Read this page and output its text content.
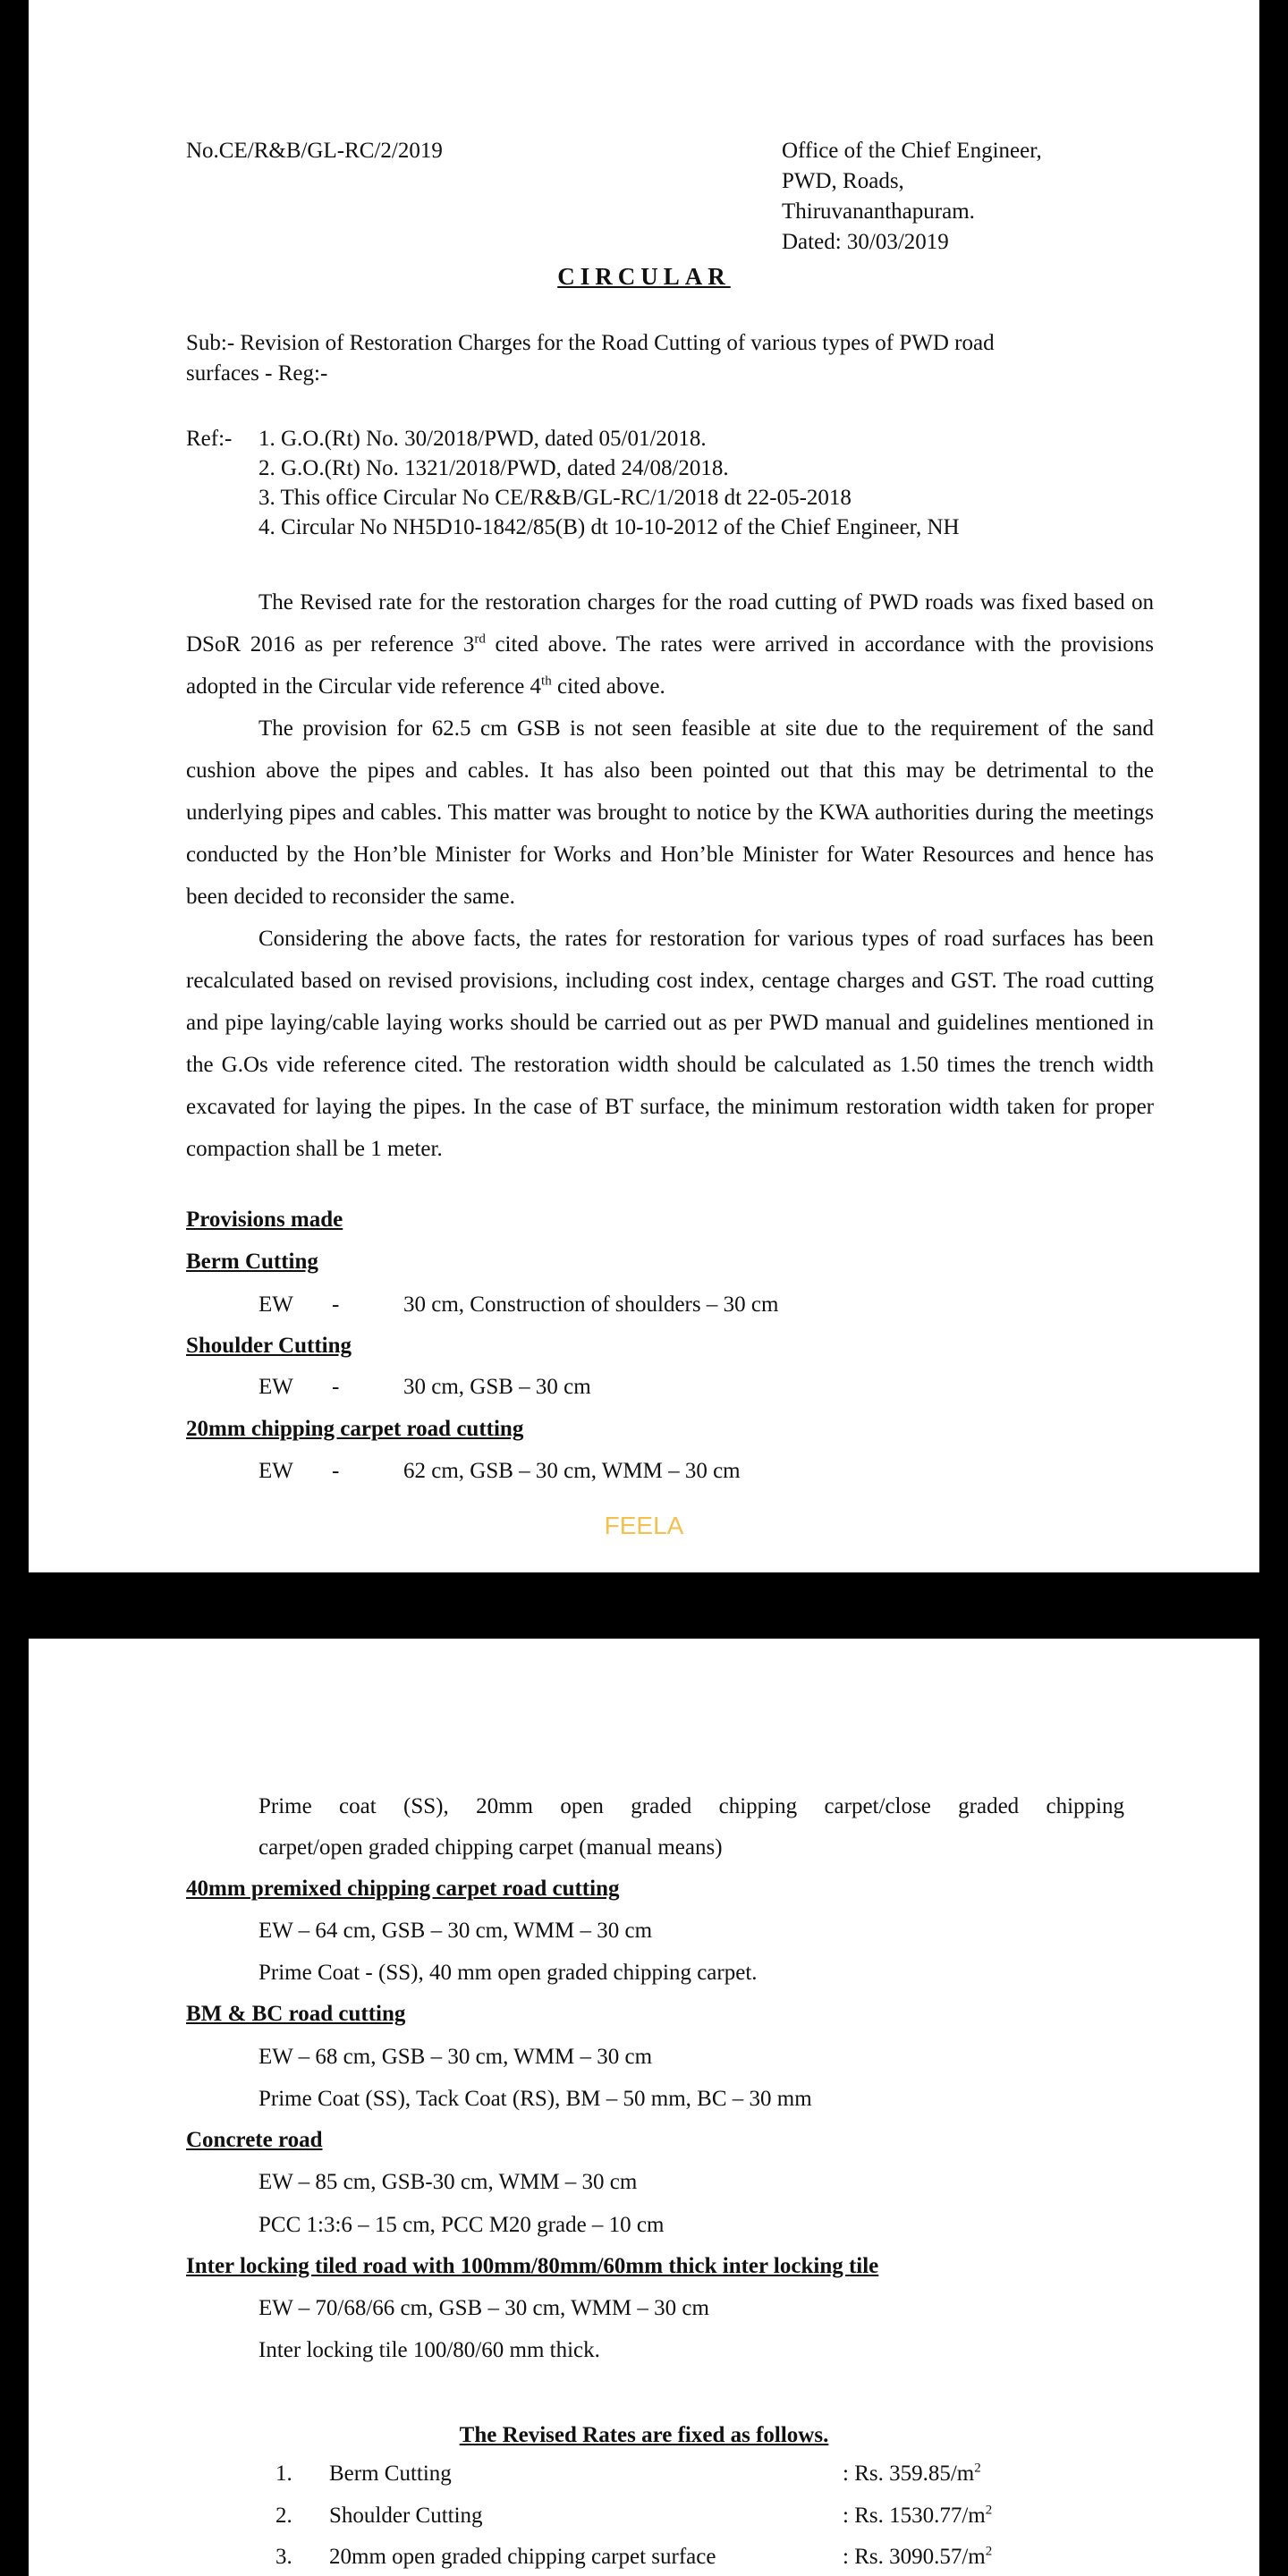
No.CE/R&B/GL-RC/2/2019	Office of the Chief Engineer,
PWD, Roads,
Thiruvananthapuram.
Dated: 30/03/2019
CIRCULAR
Sub:- Revision of Restoration Charges for the Road Cutting of various types of PWD road
surfaces - Reg:-
Ref:- 1. G.O.(Rt) No. 30/2018/PWD, dated 05/01/2018.
2. G.O.(Rt) No. 1321/2018/PWD, dated 24/08/2018.
3. This office Circular No CE/R&B/GL-RC/1/2018 dt 22-05-2018
4. Circular No NH5D10-1842/85(B) dt 10-10-2012 of the Chief Engineer, NH

The Revised rate for the restoration charges for the road cutting of PWD roads was fixed based on DSoR 2016 as per reference 3rd cited above. The rates were arrived in accordance with the provisions adopted in the Circular vide reference 4th cited above.

The provision for 62.5 cm GSB is not seen feasible at site due to the requirement of the sand cushion above the pipes and cables. It has also been pointed out that this may be detrimental to the underlying pipes and cables. This matter was brought to notice by the KWA authorities during the meetings conducted by the Hon’ble Minister for Works and Hon’ble Minister for Water Resources and hence has been decided to reconsider the same.

Considering the above facts, the rates for restoration for various types of road surfaces has been recalculated based on revised provisions, including cost index, centage charges and GST. The road cutting and pipe laying/cable laying works should be carried out as per PWD manual and guidelines mentioned in the G.Os vide reference cited. The restoration width should be calculated as 1.50 times the trench width excavated for laying the pipes. In the case of BT surface, the minimum restoration width taken for proper compaction shall be 1 meter.

Provisions made
Berm Cutting
EW -	30 cm, Construction of shoulders – 30 cm
Shoulder Cutting
EW -	30 cm, GSB – 30 cm
20mm chipping carpet road cutting
EW -	62 cm, GSB – 30 cm, WMM – 30 cm
FEELA
Prime coat (SS), 20mm open graded chipping carpet/close graded chipping
carpet/open graded chipping carpet (manual means)
40mm premixed chipping carpet road cutting
EW – 64 cm, GSB – 30 cm, WMM – 30 cm
Prime Coat - (SS), 40 mm open graded chipping carpet.
BM & BC road cutting
EW – 68 cm, GSB – 30 cm, WMM – 30 cm
Prime Coat (SS), Tack Coat (RS), BM – 50 mm, BC – 30 mm
Concrete road
EW – 85 cm, GSB-30 cm, WMM – 30 cm
PCC 1:3:6 – 15 cm, PCC M20 grade – 10 cm
Inter locking tiled road with 100mm/80mm/60mm thick inter locking tile
EW – 70/68/66 cm, GSB – 30 cm, WMM – 30 cm
Inter locking tile 100/80/60 mm thick.
The Revised Rates are fixed as follows.
1. Berm Cutting	: Rs. $359.85/m^2$
2. Shoulder Cutting	: Rs. $1530.77/m^2$
3. 20mm open graded chipping carpet surface	: Rs. $3090.57/m^2$
